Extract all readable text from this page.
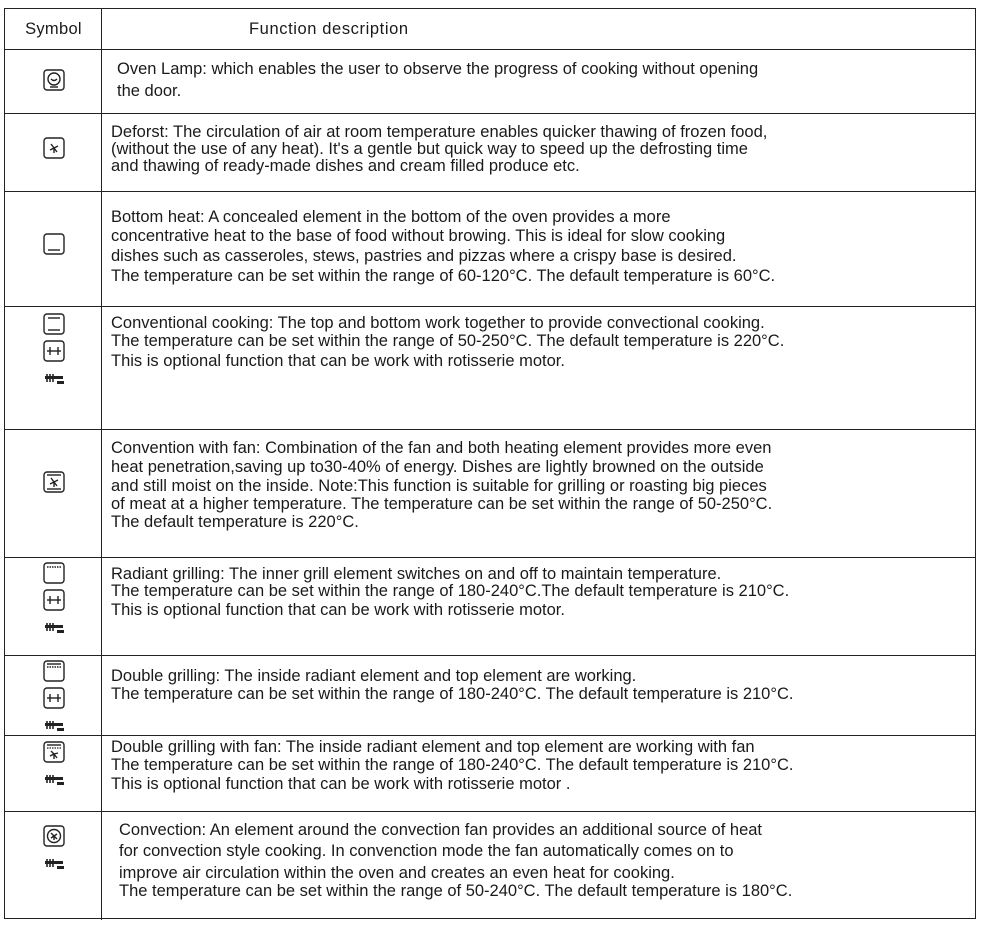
Symbol	Function description
Oven Lamp: which enables the user to observe the progress of cooking without opening
the door.
Deforst: The circulation of air at room temperature enables quicker thawing of frozen food,
(without the use of any heat). It's a gentle but quick way to speed up the defrosting time
and thawing of ready-made dishes and cream filled produce etc.
Bottom heat: A concealed element in the bottom of the oven provides a more
concentrative heat to the base of food without browing. This is ideal for slow cooking
dishes such as casseroles, stews, pastries and pizzas where a crispy base is desired.
The temperature can be set within the range of 60-120°C. The default temperature is 60°C.
Conventional cooking: The top and bottom work together to provide convectional cooking.
The temperature can be set within the range of 50-250°C. The default temperature is 220°C.
This is optional function that can be work with rotisserie motor.
Convention with fan: Combination of the fan and both heating element provides more even
heat penetration,saving up to30-40% of energy. Dishes are lightly browned on the outside
and still moist on the inside. Note:This function is suitable for grilling or roasting big pieces
of meat at a higher temperature. The temperature can be set within the range of 50-250°C.
The default temperature is 220°C.
Radiant grilling: The inner grill element switches on and off to maintain temperature.
The temperature can be set within the range of 180-240°C.The default temperature is 210°C.
This is optional function that can be work with rotisserie motor.
Double grilling: The inside radiant element and top element are working.
The temperature can be set within the range of 180-240°C. The default temperature is 210°C.
Double grilling with fan: The inside radiant element and top element are working with fan
The temperature can be set within the range of 180-240°C. The default temperature is 210°C.
This is optional function that can be work with rotisserie motor .
Convection: An element around the convection fan provides an additional source of heat
for convection style cooking. In convenction mode the fan automatically comes on to
improve air circulation within the oven and creates an even heat for cooking.
The temperature can be set within the range of 50-240°C. The default temperature is 180°C.
